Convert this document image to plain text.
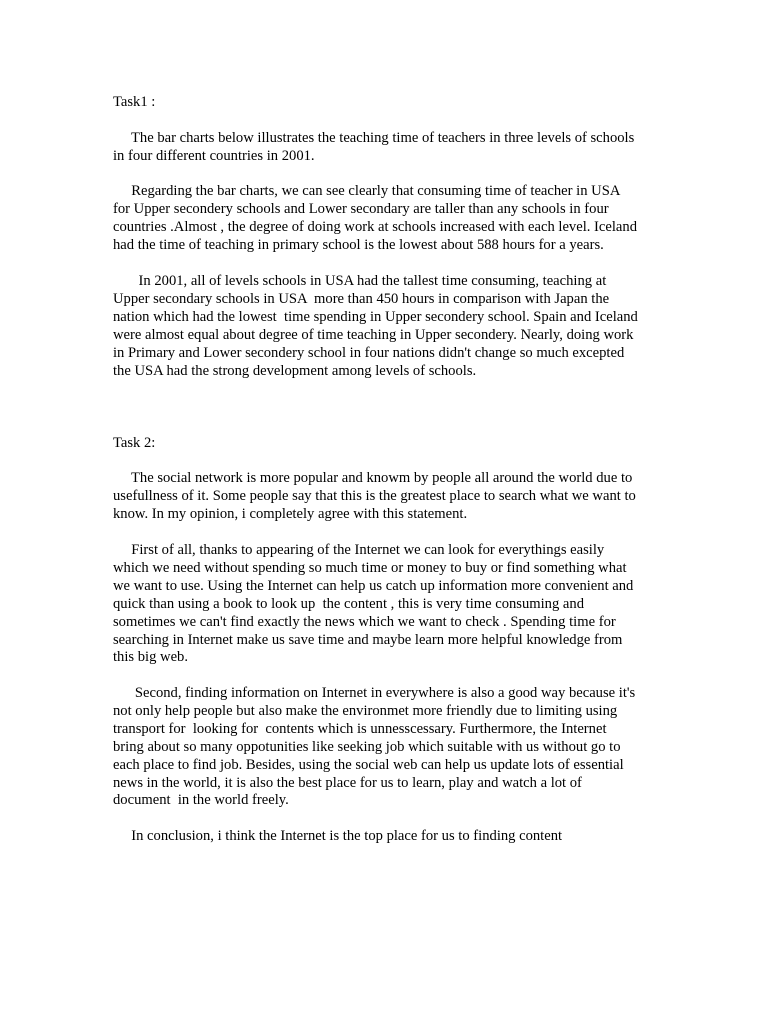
Task1 :

The bar charts below illustrates the teaching time of teachers in three levels of schools
in four different countries in 2001.

Regarding the bar charts, we can see clearly that consuming time of teacher in USA
for Upper secondery schools and Lower secondary are taller than any schools in four
countries .Almost , the degree of doing work at schools increased with each level. Iceland
had the time of teaching in primary school is the lowest about 588 hours for a years.

In 2001, all of levels schools in USA had the tallest time consuming, teaching at
Upper secondary schools in USA  more than 450 hours in comparison with Japan the
nation which had the lowest  time spending in Upper secondery school. Spain and Iceland
were almost equal about degree of time teaching in Upper secondery. Nearly, doing work
in Primary and Lower secondery school in four nations didn't change so much excepted
the USA had the strong development among levels of schools.

Task 2:

The social network is more popular and knowm by people all around the world due to
usefullness of it. Some people say that this is the greatest place to search what we want to
know. In my opinion, i completely agree with this statement.

First of all, thanks to appearing of the Internet we can look for everythings easily
which we need without spending so much time or money to buy or find something what
we want to use. Using the Internet can help us catch up information more convenient and
quick than using a book to look up  the content , this is very time consuming and
sometimes we can't find exactly the news which we want to check . Spending time for
searching in Internet make us save time and maybe learn more helpful knowledge from
this big web.

Second, finding information on Internet in everywhere is also a good way because it's
not only help people but also make the environmet more friendly due to limiting using
transport for  looking for  contents which is unnesscessary. Furthermore, the Internet
bring about so many oppotunities like seeking job which suitable with us without go to
each place to find job. Besides, using the social web can help us update lots of essential
news in the world, it is also the best place for us to learn, play and watch a lot of
document  in the world freely.

In conclusion, i think the Internet is the top place for us to finding content
